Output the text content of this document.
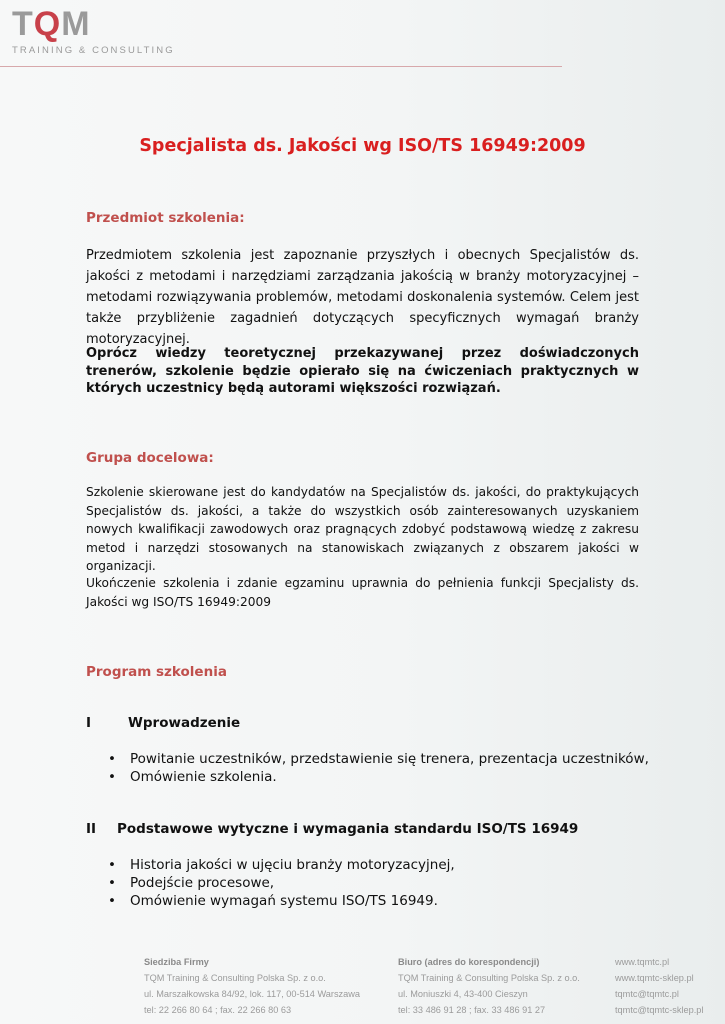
TQM
TRAINING & CONSULTING
Specjalista ds. Jakości wg ISO/TS 16949:2009
Przedmiot szkolenia:
Przedmiotem szkolenia jest zapoznanie przyszłych i obecnych Specjalistów ds. jakości z metodami i narzędziami zarządzania jakością w branży motoryzacyjnej – metodami rozwiązywania problemów, metodami doskonalenia systemów. Celem jest także przybliżenie zagadnień dotyczących specyficznych wymagań branży motoryzacyjnej.
Oprócz wiedzy teoretycznej przekazywanej przez doświadczonych trenerów, szkolenie będzie opierało się na ćwiczeniach praktycznych w których uczestnicy będą autorami większości rozwiązań.
Grupa docelowa:
Szkolenie skierowane jest do kandydatów na Specjalistów ds. jakości, do praktykujących Specjalistów ds. jakości, a także do wszystkich osób zainteresowanych uzyskaniem nowych kwalifikacji zawodowych oraz pragnących zdobyć podstawową wiedzę z zakresu metod i narzędzi stosowanych na stanowiskach związanych z obszarem jakości w organizacji.
Ukończenie szkolenia i zdanie egzaminu uprawnia do pełnienia funkcji Specjalisty ds. Jakości wg ISO/TS 16949:2009
Program szkolenia
I	Wprowadzenie
• Powitanie uczestników, przedstawienie się trenera, prezentacja uczestników,
• Omówienie szkolenia.
II Podstawowe wytyczne i wymagania standardu ISO/TS 16949
• Historia jakości w ujęciu branży motoryzacyjnej,
• Podejście procesowe,
• Omówienie wymagań systemu ISO/TS 16949.
Siedziba Firmy
TQM Training & Consulting Polska Sp. z o.o.
ul. Marszałkowska 84/92, lok. 117, 00-514 Warszawa
tel: 22 266 80 64 ; fax. 22 266 80 63
Biuro (adres do korespondencji)
TQM Training & Consulting Polska Sp. z o.o.
ul. Moniuszki 4, 43-400 Cieszyn
tel: 33 486 91 28 ; fax. 33 486 91 27
www.tqmtc.pl
www.tqmtc-sklep.pl
tqmtc@tqmtc.pl
tqmtc@tqmtc-sklep.pl
